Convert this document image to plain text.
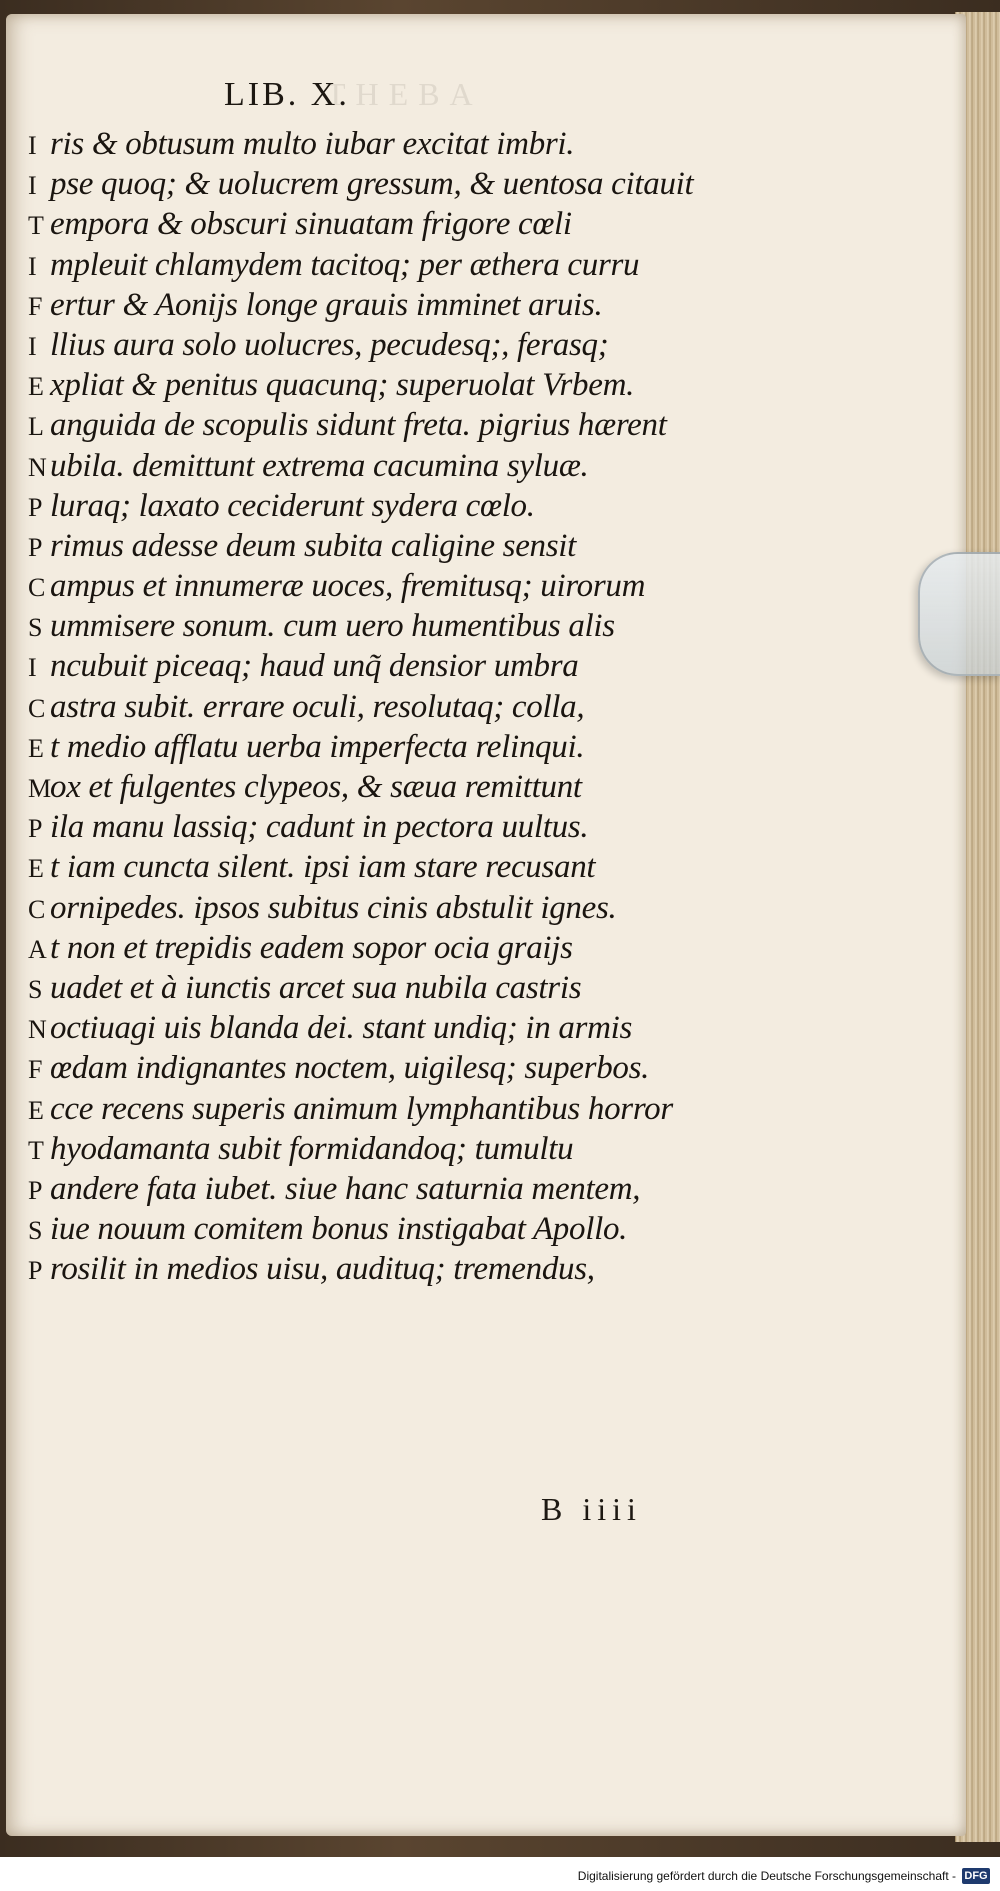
THEBA
LIB. X.
I ris & obtusum multo iubar excitat imbri.
I pse quoq; & uolucrem gressum, & uentosa citauit
T empora & obscuri sinuatam frigore cœli
I mpleuit chlamydem tacitoq; per æthera curru
F ertur & Aonijs longe grauis imminet aruis.
I llius aura solo uolucres, pecudesq;, ferasq;
E xpliat & penitus quacunq; superuolat Vrbem.
L anguida de scopulis sidunt freta. pigrius hærent
Nubila. demittunt extrema cacumina syluæ.
P luraq; laxato ceciderunt sydera cœlo.
P rimus adesse deum subita caligine sensit
C ampus et innumeræ uoces, fremitusq; uirorum
S ummisere sonum. cum uero humentibus alis
I ncubuit piceaq; haud unq̃ densior umbra
C astra subit. errare oculi, resolutaq; colla,
E t medio afflatu uerba imperfecta relinqui.
Mox et fulgentes clypeos, & sæua remittunt
P ila manu lassiq; cadunt in pectora uultus.
E t iam cuncta silent. ipsi iam stare recusant
C ornipedes. ipsos subitus cinis abstulit ignes.
At non et trepidis eadem sopor ocia graijs
S uadet et à iunctis arcet sua nubila castris
Noctiuagi uis blanda dei. stant undiq; in armis
F œdam indignantes noctem, uigilesq; superbos.
E cce recens superis animum lymphantibus horror
T hyodamanta subit formidandoq; tumultu
P andere fata iubet. siue hanc saturnia mentem,
S iue nouum comitem bonus instigabat Apollo.
P rosilit in medios uisu, audituq; tremendus,
B iiii
Digitalisierung gefördert durch die Deutsche Forschungsgemeinschaft - DFG
